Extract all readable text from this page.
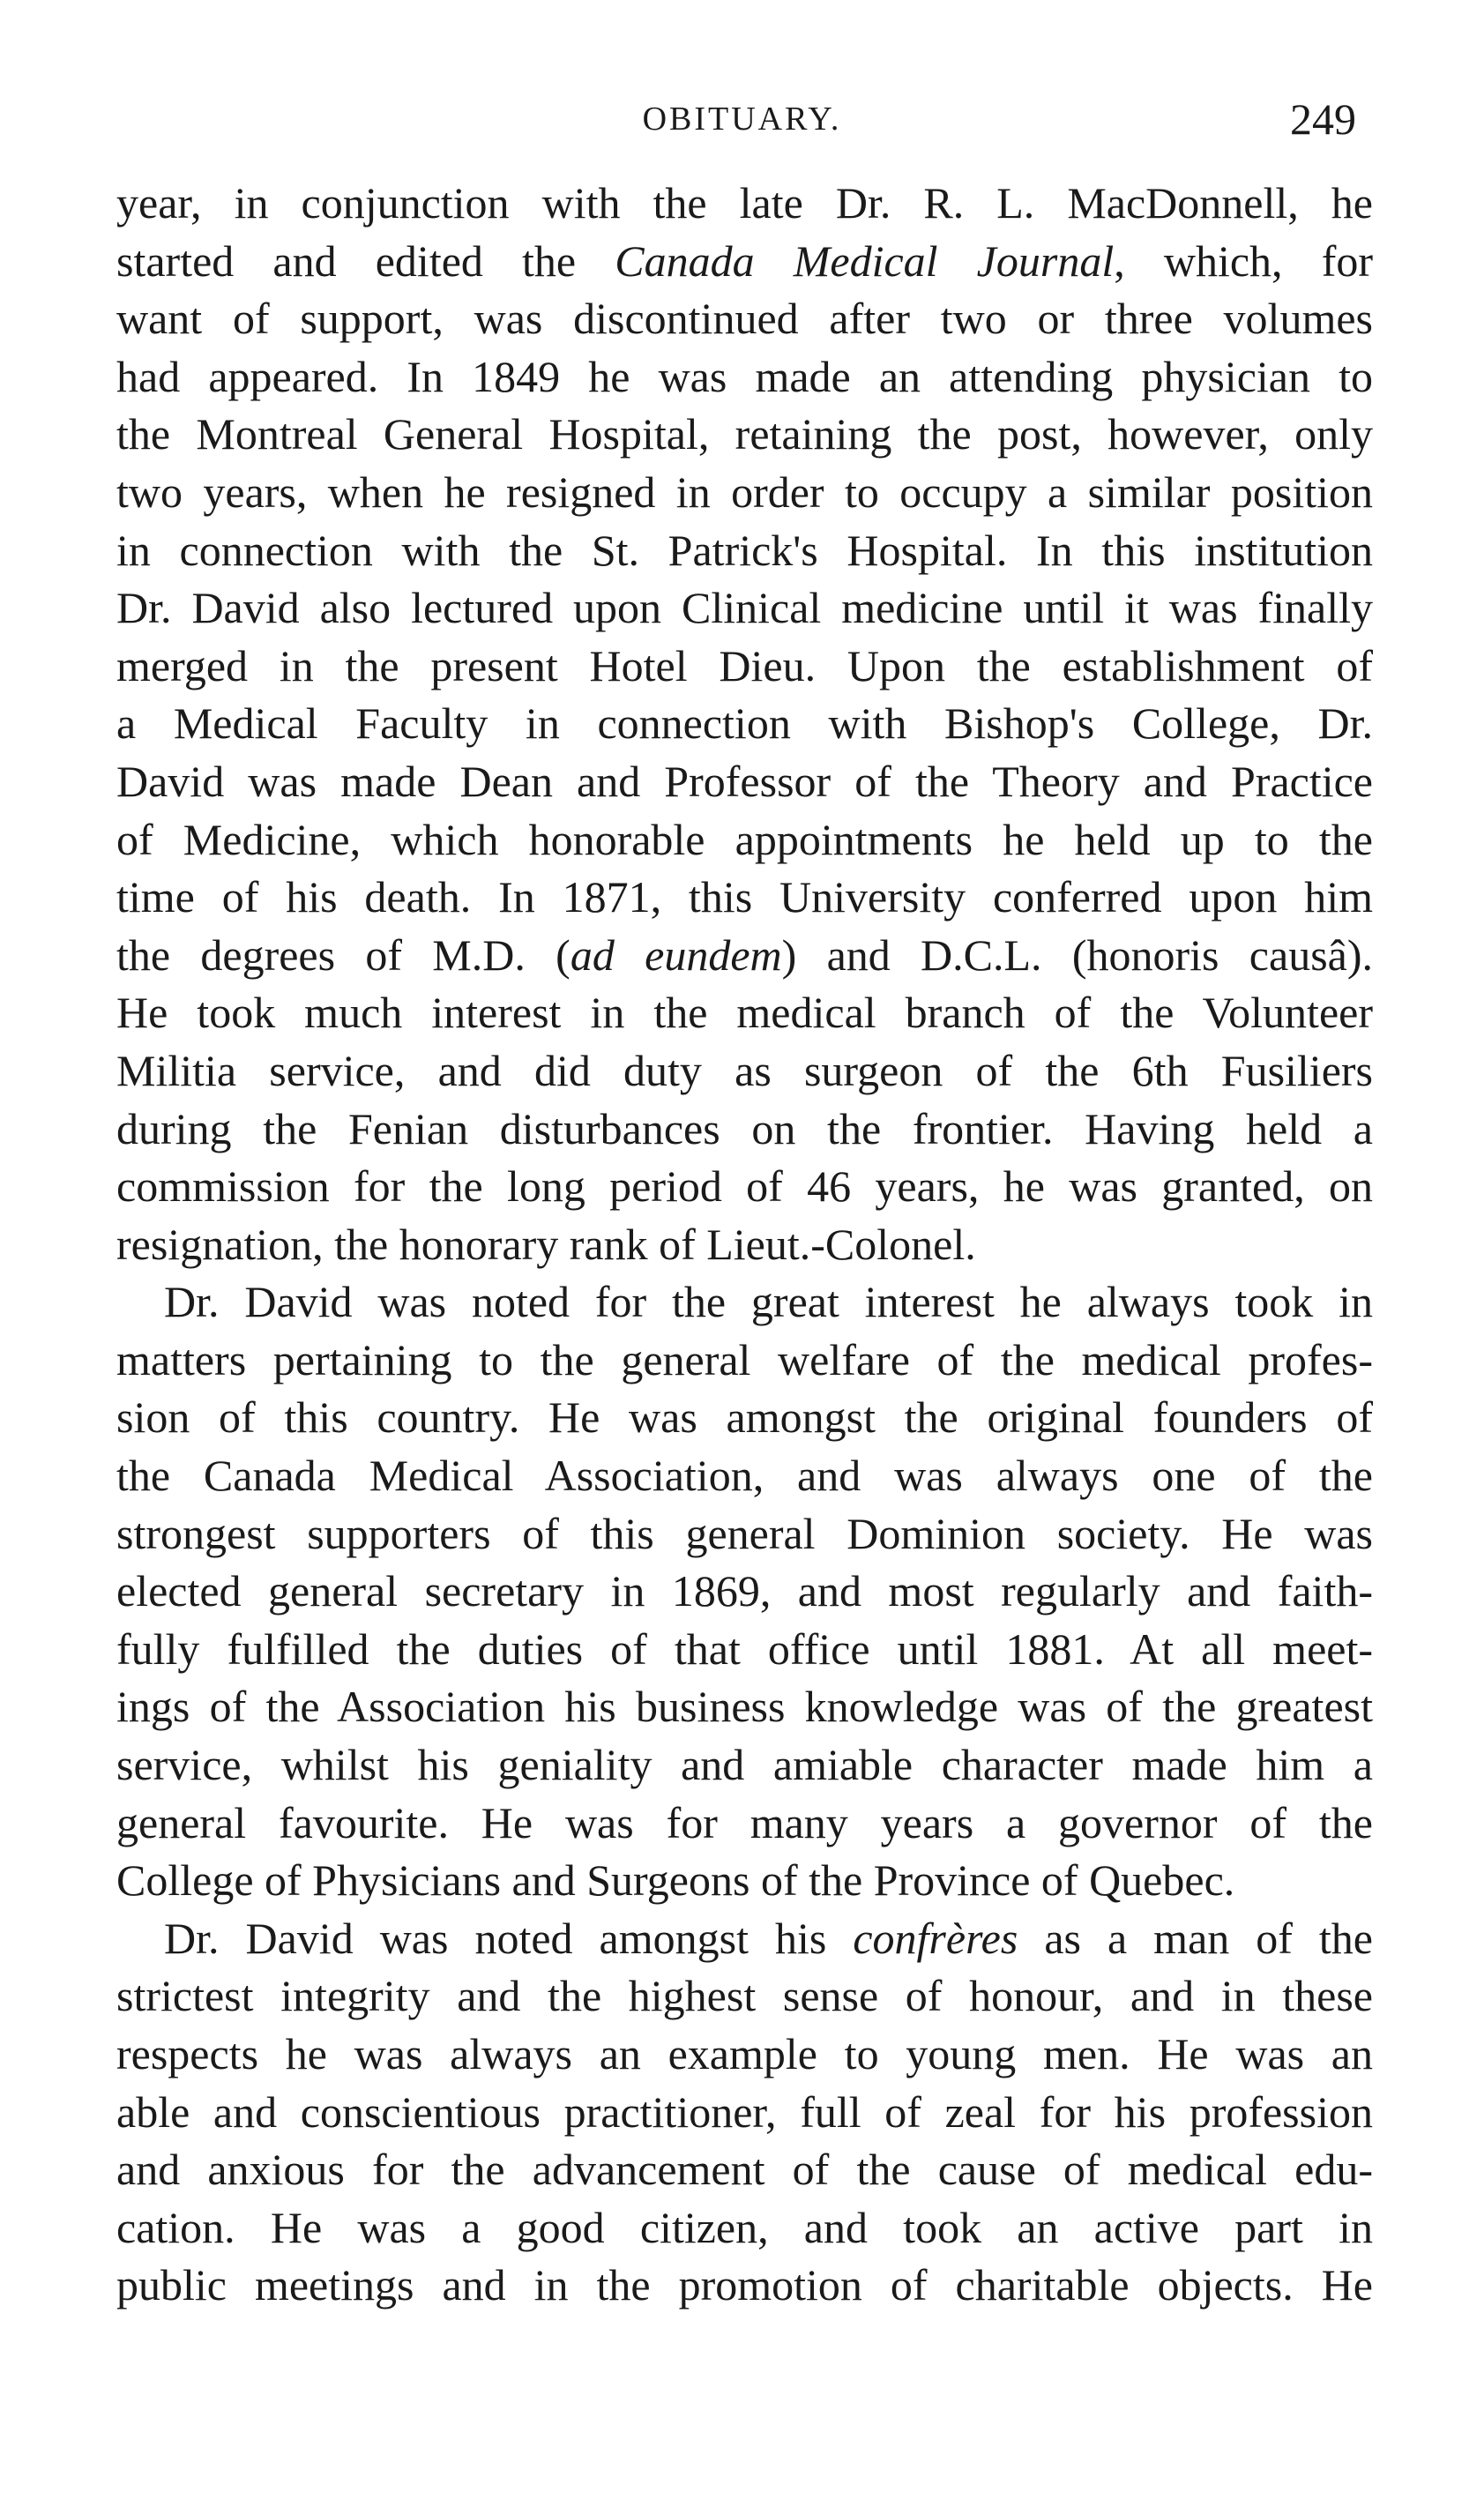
OBITUARY.	249
year, in conjunction with the late Dr. R. L. MacDonnell, he
started and edited the Canada Medical Journal, which, for
want of support, was discontinued after two or three volumes
had appeared. In 1849 he was made an attending physician to
the Montreal General Hospital, retaining the post, however, only
two years, when he resigned in order to occupy a similar position
in connection with the St. Patrick's Hospital. In this institution
Dr. David also lectured upon Clinical medicine until it was finally
merged in the present Hotel Dieu. Upon the establishment of
a Medical Faculty in connection with Bishop's College, Dr.
David was made Dean and Professor of the Theory and Practice
of Medicine, which honorable appointments he held up to the
time of his death. In 1871, this University conferred upon him
the degrees of M.D. (ad eundem) and D.C.L. (honoris causâ).
He took much interest in the medical branch of the Volunteer
Militia service, and did duty as surgeon of the 6th Fusiliers
during the Fenian disturbances on the frontier. Having held a
commission for the long period of 46 years, he was granted, on
resignation, the honorary rank of Lieut.-Colonel.
Dr. David was noted for the great interest he always took in
matters pertaining to the general welfare of the medical profes-
sion of this country. He was amongst the original founders of
the Canada Medical Association, and was always one of the
strongest supporters of this general Dominion society. He was
elected general secretary in 1869, and most regularly and faith-
fully fulfilled the duties of that office until 1881. At all meet-
ings of the Association his business knowledge was of the greatest
service, whilst his geniality and amiable character made him a
general favourite. He was for many years a governor of the
College of Physicians and Surgeons of the Province of Quebec.
Dr. David was noted amongst his confrères as a man of the
strictest integrity and the highest sense of honour, and in these
respects he was always an example to young men. He was an
able and conscientious practitioner, full of zeal for his profession
and anxious for the advancement of the cause of medical edu-
cation. He was a good citizen, and took an active part in
public meetings and in the promotion of charitable objects. He
